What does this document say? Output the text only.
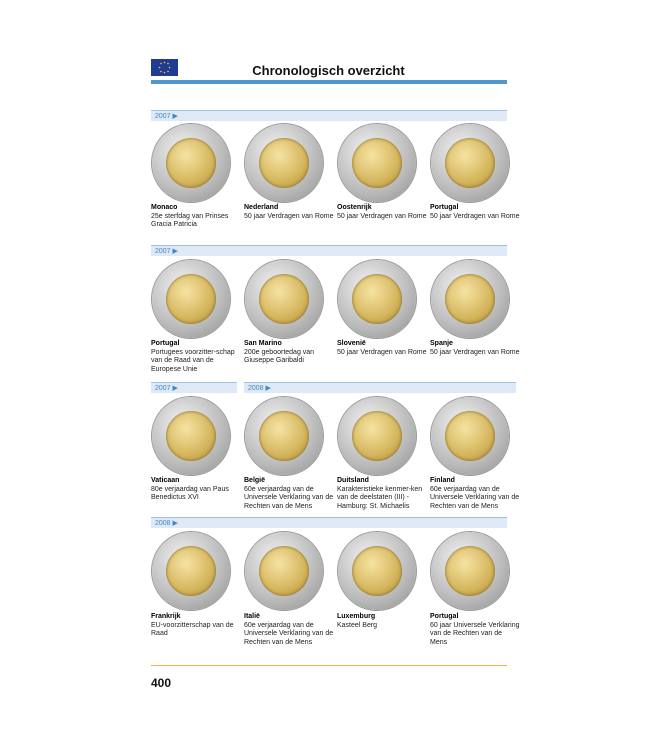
Chronologisch overzicht
2007 ▶
2007 ▶
2007 ▶	2008 ▶
2008 ▶
Monaco
25e sterfdag van Prinses Gracia Patricia
Nederland
50 jaar Verdragen van Rome
Oostenrijk
50 jaar Verdragen van Rome
Portugal
50 jaar Verdragen van Rome
Portugal
Portugees voorzitter-schap van de Raad van de Europese Unie
San Marino
200e geboortedag van Giuseppe Garibaldi
Slovenië
50 jaar Verdragen van Rome
Spanje
50 jaar Verdragen van Rome
Vaticaan
80e verjaardag van Paus Benedictus XVI
België
60e verjaardag van de Universele Verklaring van de Rechten van de Mens
Duitsland
Karakteristieke kenmer-ken van de deelstaten (III) - Hamburg: St. Michaelis
Finland
60e verjaardag van de Universele Verklaring van de Rechten van de Mens
Frankrijk
EU-voorzitterschap van de Raad
Italië
60e verjaardag van de Universele Verklaring van de Rechten van de Mens
Luxemburg
Kasteel Berg
Portugal
60 jaar Universele Verklaring van de Rechten van de Mens
400
